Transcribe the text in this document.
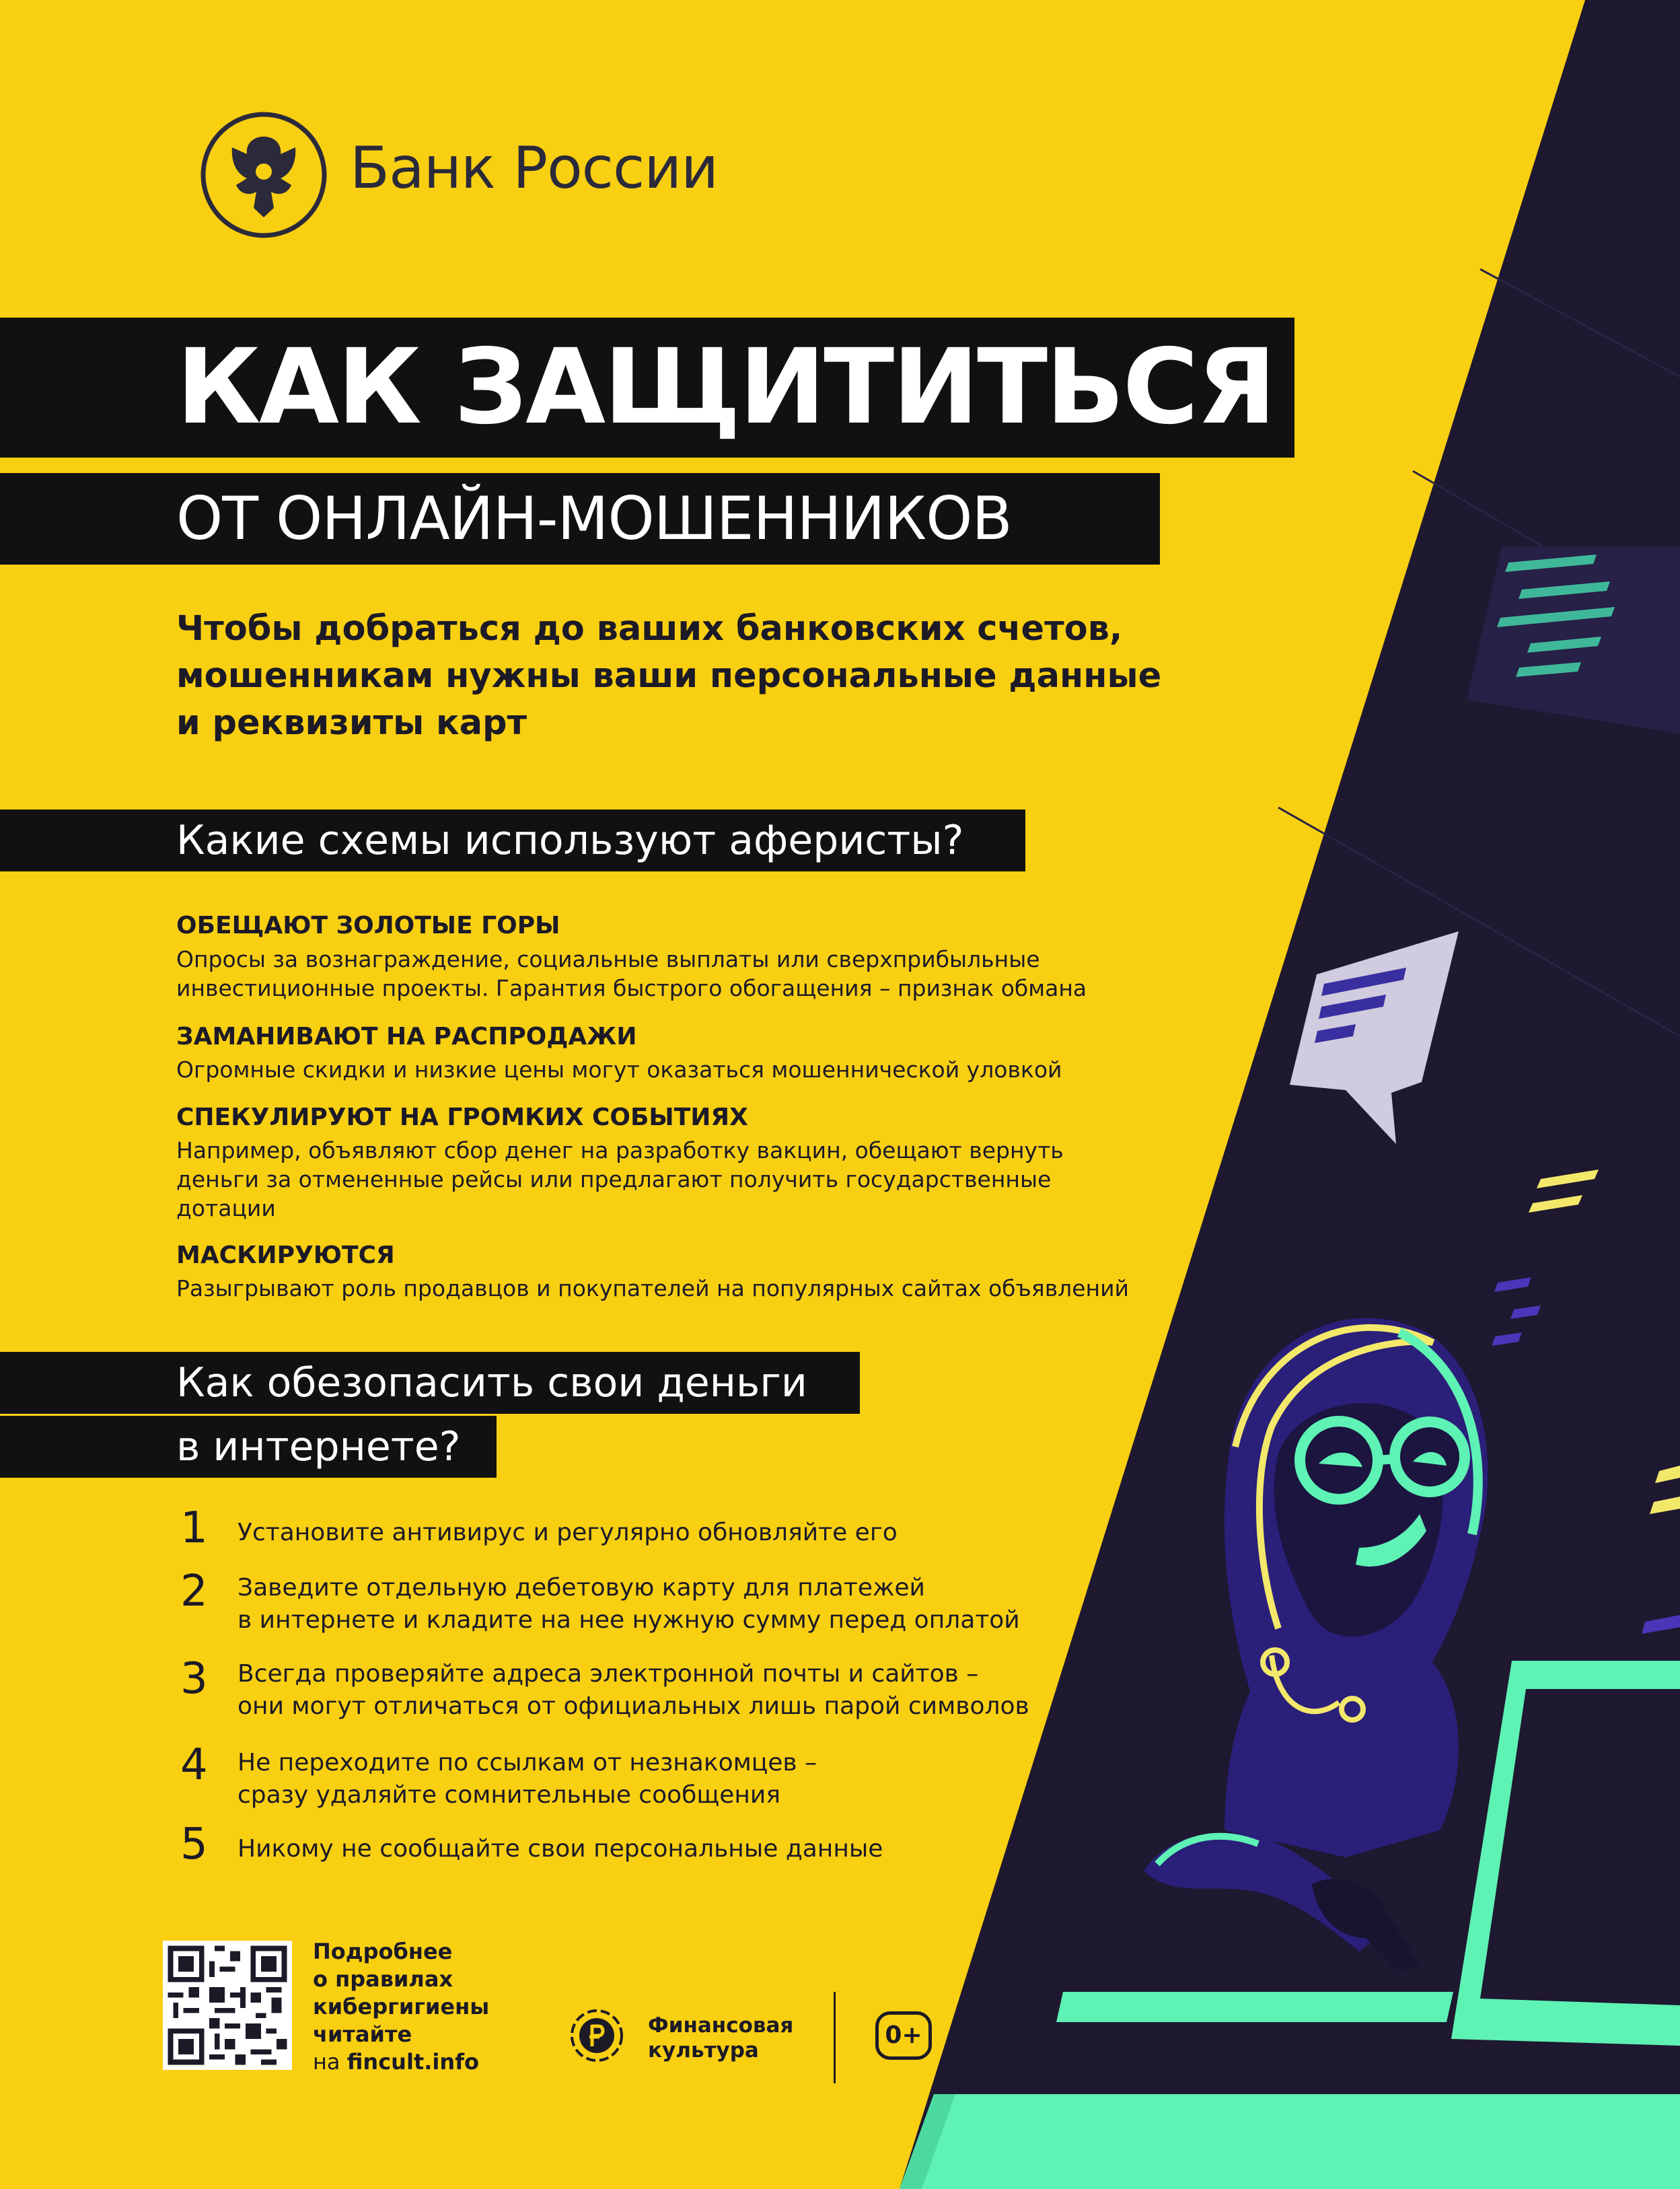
Банк России
КАК ЗАЩИТИТЬСЯ
ОТ ОНЛАЙН-МОШЕННИКОВ
Чтобы добраться до ваших банковских счетов,
мошенникам нужны ваши персональные данные
и реквизиты карт
Какие схемы используют аферисты?
ОБЕЩАЮТ ЗОЛОТЫЕ ГОРЫ
Опросы за вознаграждение, социальные выплаты или сверхприбыльные
инвестиционные проекты. Гарантия быстрого обогащения – признак обмана
ЗАМАНИВАЮТ НА РАСПРОДАЖИ
Огромные скидки и низкие цены могут оказаться мошеннической уловкой
СПЕКУЛИРУЮТ НА ГРОМКИХ СОБЫТИЯХ
Например, объявляют сбор денег на разработку вакцин, обещают вернуть
деньги за отмененные рейсы или предлагают получить государственные
дотации
МАСКИРУЮТСЯ
Разыгрывают роль продавцов и покупателей на популярных сайтах объявлений
Как обезопасить свои деньги
в интернете?
1 Установите антивирус и регулярно обновляйте его
2 Заведите отдельную дебетовую карту для платежей
в интернете и кладите на нее нужную сумму перед оплатой
3 Всегда проверяйте адреса электронной почты и сайтов –
они могут отличаться от официальных лишь парой символов
4 Не переходите по ссылкам от незнакомцев –
сразу удаляйте сомнительные сообщения
5 Никому не сообщайте свои персональные данные
Подробнее
о правилах
кибергигиены
читайте
на fincult.info
Финансовая
культура
0+
